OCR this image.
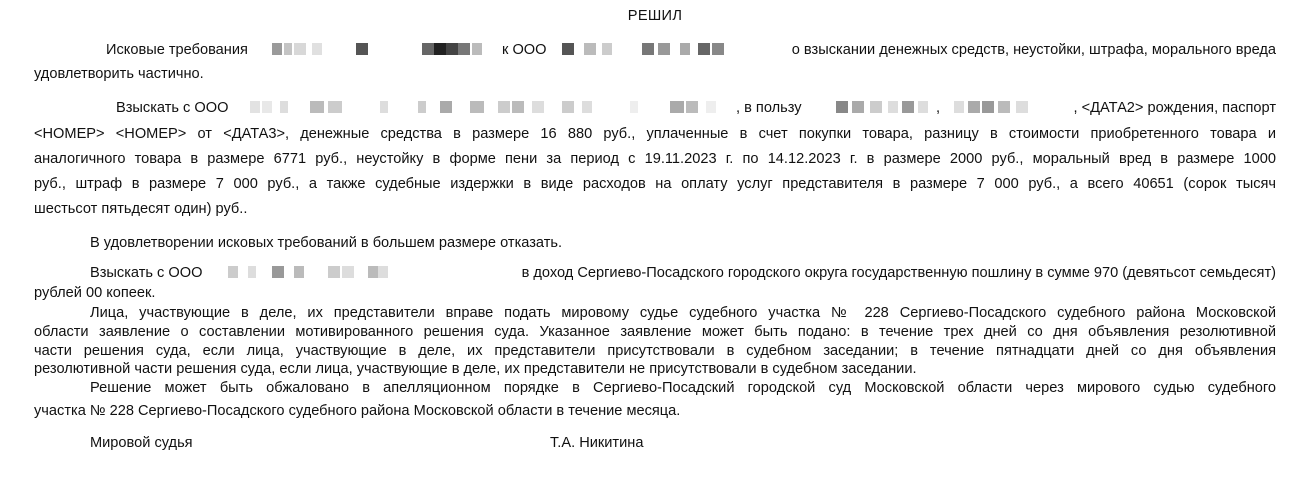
РЕШИЛ
Исковые требования	к ООО	о взыскании денежных средств, неустойки, штрафа, морального вреда
удовлетворить частично.
Взыскать с ООО	, в пользу	,	, <ДАТА2> рождения, паспорт
<НОМЕР> <НОМЕР> от <ДАТА3>, денежные средства в размере 16 880 руб., уплаченные в счет покупки товара, разницу в стоимости приобретенного товара и
аналогичного товара в размере 6771 руб., неустойку в форме пени за период с 19.11.2023 г. по 14.12.2023 г. в размере 2000 руб., моральный вред в размере 1000
руб., штраф в размере 7 000 руб., а также судебные издержки в виде расходов на оплату услуг представителя в размере 7 000 руб., а всего 40651 (сорок тысяч
шестьсот пятьдесят один) руб..
В удовлетворении исковых требований в большем размере отказать.
Взыскать с ООО	в доход Сергиево-Посадского городского округа государственную пошлину в сумме 970 (девятьсот семьдесят)
рублей 00 копеек.
Лица, участвующие в деле, их представители вправе подать мировому судье судебного участка № 228 Сергиево-Посадского судебного района Московской
области заявление о составлении мотивированного решения суда. Указанное заявление может быть подано: в течение трех дней со дня объявления резолютивной
части решения суда, если лица, участвующие в деле, их представители присутствовали в судебном заседании; в течение пятнадцати дней со дня объявления
резолютивной части решения суда, если лица, участвующие в деле, их представители не присутствовали в судебном заседании.
Решение может быть обжаловано в апелляционном порядке в Сергиево-Посадский городской суд Московской области через мирового судью судебного
участка № 228 Сергиево-Посадского судебного района Московской области в течение месяца.
Мировой судья	Т.А. Никитина
